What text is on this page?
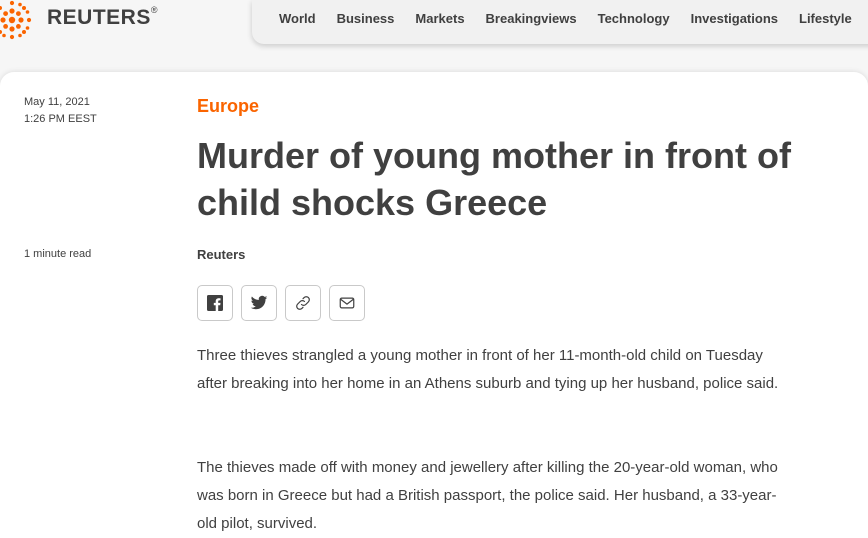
REUTERS®
World Business Markets Breakingviews Technology Investigations Lifestyle
May 11, 2021
1:26 PM EEST
1 minute read
Europe
Murder of young mother in front of child shocks Greece
Reuters

Three thieves strangled a young mother in front of her 11-month-old child on Tuesday after breaking into her home in an Athens suburb and tying up her husband, police said.

The thieves made off with money and jewellery after killing the 20-year-old woman, who was born in Greece but had a British passport, the police said. Her husband, a 33-year-old pilot, survived.
